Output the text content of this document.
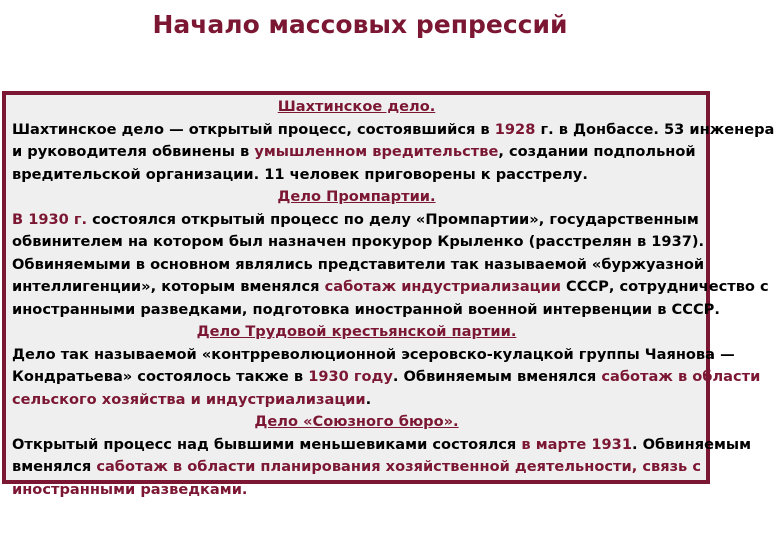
Начало массовых репрессий
Шахтинское дело.
Шахтинское дело — открытый процесс, состоявшийся в 1928 г. в Донбассе. 53 инженера
и руководителя обвинены в умышленном вредительстве, создании подпольной
вредительской организации. 11 человек приговорены к расстрелу.
Дело Промпартии.
В 1930 г. состоялся открытый процесс по делу «Промпартии», государственным
обвинителем на котором был назначен прокурор Крыленко (расстрелян в 1937).
Обвиняемыми в основном являлись представители так называемой «буржуазной
интеллигенции», которым вменялся саботаж индустриализации СССР, сотрудничество с
иностранными разведками, подготовка иностранной военной интервенции в СССР.
Дело Трудовой крестьянской партии.
Дело так называемой «контрреволюционной эсеровско-кулацкой группы Чаянова —
Кондратьева» состоялось также в 1930 году. Обвиняемым вменялся саботаж в области
сельского хозяйства и индустриализации.
Дело «Союзного бюро».
Открытый процесс над бывшими меньшевиками состоялся в марте 1931. Обвиняемым
вменялся саботаж в области планирования хозяйственной деятельности, связь с
иностранными разведками.
